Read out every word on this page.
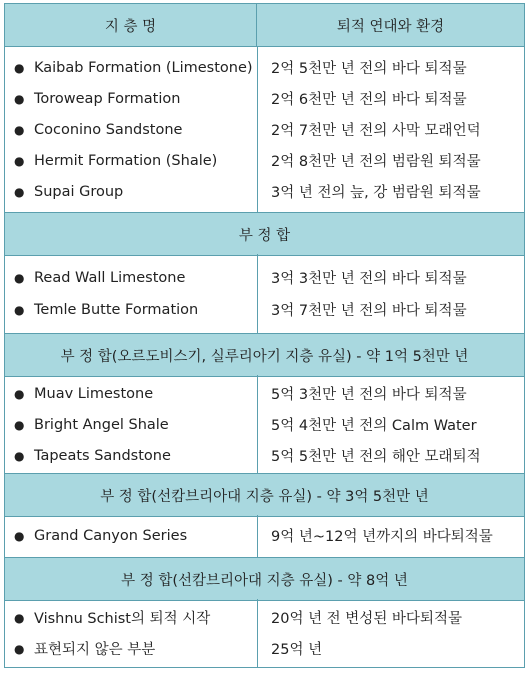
지 층 명	퇴적 연대와 환경
● Kaibab Formation (Limestone)	2억 5천만 년 전의 바다 퇴적물
● Toroweap Formation	2억 6천만 년 전의 바다 퇴적물
● Coconino Sandstone	2억 7천만 년 전의 사막 모래언덕
● Hermit Formation (Shale)	2억 8천만 년 전의 범람원 퇴적물
● Supai Group	3억 년 전의 늪, 강 범람원 퇴적물
부 정 합
● Read Wall Limestone	3억 3천만 년 전의 바다 퇴적물
● Temle Butte Formation	3억 7천만 년 전의 바다 퇴적물
부 정 합(오르도비스기, 실루리아기 지층 유실) - 약 1억 5천만 년
● Muav Limestone	5억 3천만 년 전의 바다 퇴적물
● Bright Angel Shale	5억 4천만 년 전의 Calm Water
● Tapeats Sandstone	5억 5천만 년 전의 해안 모래퇴적
부 정 합(선캄브리아대 지층 유실) - 약 3억 5천만 년
● Grand Canyon Series	9억 년~12억 년까지의 바다퇴적물
부 정 합(선캄브리아대 지층 유실) - 약 8억 년
● Vishnu Schist의 퇴적 시작	20억 년 전 변성된 바다퇴적물
● 표현되지 않은 부분	25억 년
